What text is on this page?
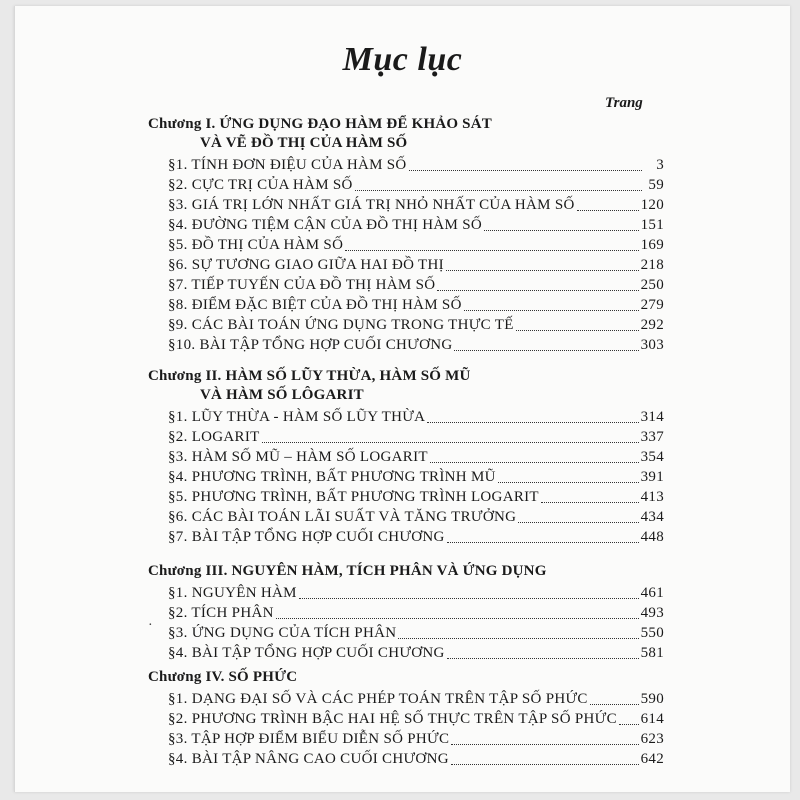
Mục lục
Trang
Chương I. ỨNG DỤNG ĐẠO HÀM ĐỂ KHẢO SÁT
VÀ VẼ ĐỒ THỊ CỦA HÀM SỐ
§1. TÍNH ĐƠN ĐIỆU CỦA HÀM SỐ	3
§2. CỰC TRỊ CỦA HÀM SỐ	59
§3. GIÁ TRỊ LỚN NHẤT GIÁ TRỊ NHỎ NHẤT CỦA HÀM SỐ	120
§4. ĐƯỜNG TIỆM CẬN CỦA ĐỒ THỊ HÀM SỐ	151
§5. ĐỒ THỊ CỦA HÀM SỐ	169
§6. SỰ TƯƠNG GIAO GIỮA HAI ĐỒ THỊ	218
§7. TIẾP TUYẾN CỦA ĐỒ THỊ HÀM SỐ	250
§8. ĐIỂM ĐẶC BIỆT CỦA ĐỒ THỊ HÀM SỐ	279
§9. CÁC BÀI TOÁN ỨNG DỤNG TRONG THỰC TẾ	292
§10. BÀI TẬP TỔNG HỢP CUỐI CHƯƠNG	303
Chương II. HÀM SỐ LŨY THỪA, HÀM SỐ MŨ
VÀ HÀM SỐ LÔGARIT
§1. LŨY THỪA - HÀM SỐ LŨY THỪA	314
§2. LOGARIT	337
§3. HÀM SỐ MŨ – HÀM SỐ LOGARIT	354
§4. PHƯƠNG TRÌNH, BẤT PHƯƠNG TRÌNH MŨ	391
§5. PHƯƠNG TRÌNH, BẤT PHƯƠNG TRÌNH LOGARIT	413
§6. CÁC BÀI TOÁN LÃI SUẤT VÀ TĂNG TRƯỞNG	434
§7. BÀI TẬP TỔNG HỢP CUỐI CHƯƠNG	448
Chương III. NGUYÊN HÀM, TÍCH PHÂN VÀ ỨNG DỤNG
§1. NGUYÊN HÀM	461
§2. TÍCH PHÂN	493
· §3. ỨNG DỤNG CỦA TÍCH PHÂN	550
§4. BÀI TẬP TỔNG HỢP CUỐI CHƯƠNG	581
Chương IV. SỐ PHỨC
§1. DẠNG ĐẠI SỐ VÀ CÁC PHÉP TOÁN TRÊN TẬP SỐ PHỨC	590
§2. PHƯƠNG TRÌNH BẬC HAI HỆ SỐ THỰC TRÊN TẬP SỐ PHỨC 614
§3. TẬP HỢP ĐIỂM BIỂU DIỄN SỐ PHỨC	623
§4. BÀI TẬP NÂNG CAO CUỐI CHƯƠNG	642
